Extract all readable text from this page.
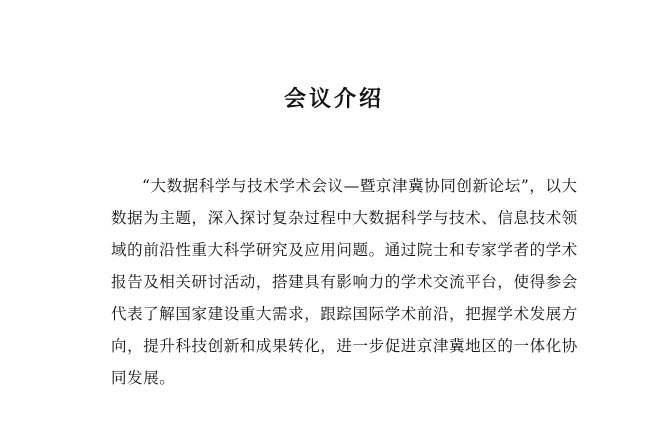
会议介绍
“大数据科学与技术学术会议—暨京津冀协同创新论坛”，以大
数据为主题，深入探讨复杂过程中大数据科学与技术、信息技术领
域的前沿性重大科学研究及应用问题。通过院士和专家学者的学术
报告及相关研讨活动，搭建具有影响力的学术交流平台，使得参会
代表了解国家建设重大需求，跟踪国际学术前沿，把握学术发展方
向，提升科技创新和成果转化，进一步促进京津冀地区的一体化协
同发展。
